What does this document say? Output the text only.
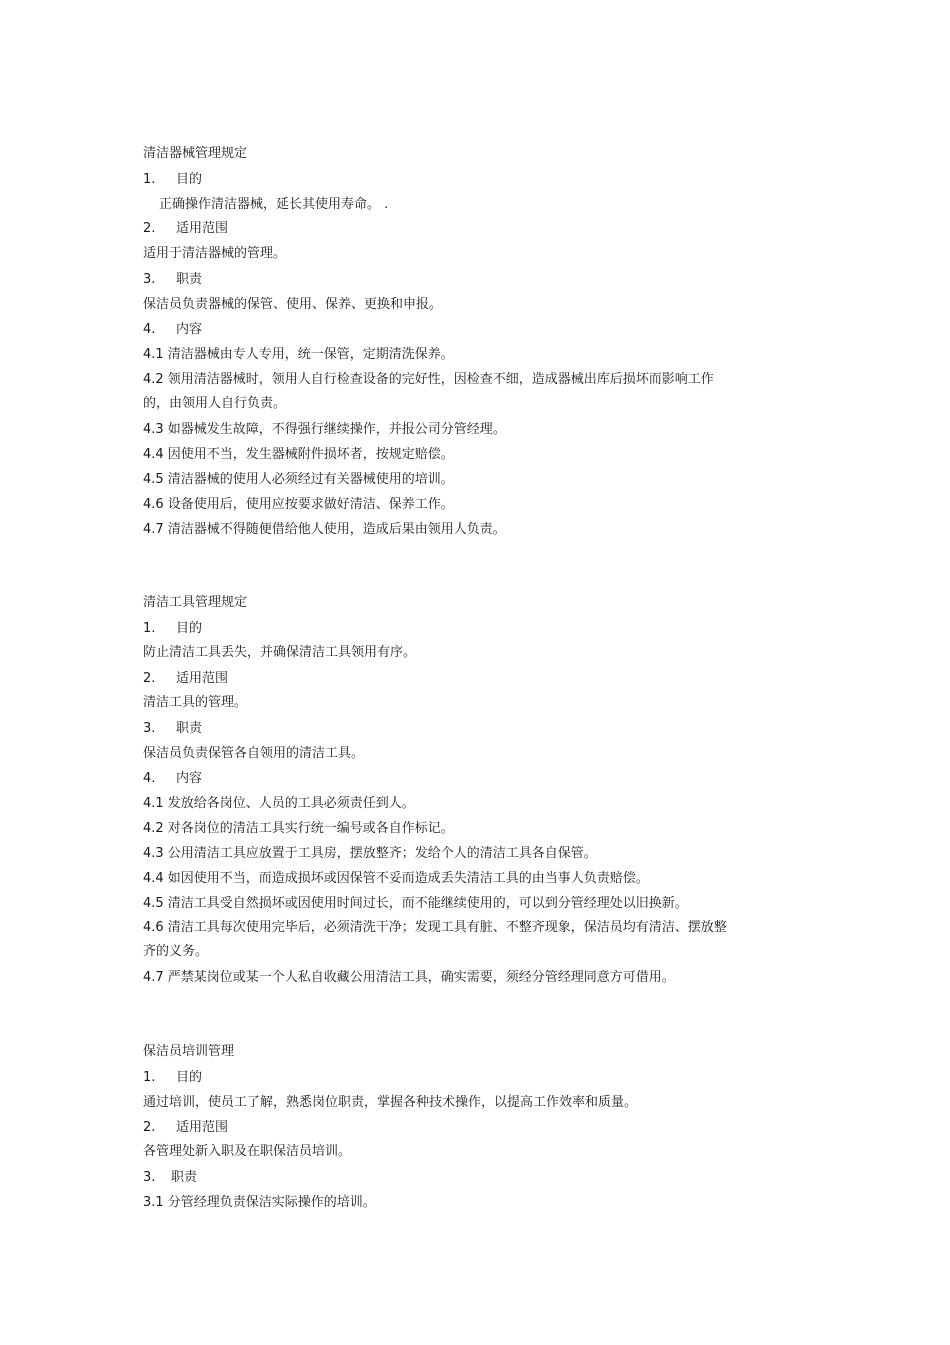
清洁器械管理规定
1. 目的
正确操作清洁器械，延长其使用寿命。 .
2. 适用范围
适用于清洁器械的管理。
3. 职责
保洁员负责器械的保管、使用、保养、更换和申报。
4. 内容
4.1 清洁器械由专人专用，统一保管，定期清洗保养。
4.2 领用清洁器械时，领用人自行检查设备的完好性，因检查不细，造成器械出库后损坏而影响工作的，由领用人自行负责。
4.3 如器械发生故障，不得强行继续操作，并报公司分管经理。
4.4 因使用不当，发生器械附件损坏者，按规定赔偿。
4.5 清洁器械的使用人必须经过有关器械使用的培训。
4.6 设备使用后，使用应按要求做好清洁、保养工作。
4.7 清洁器械不得随便借给他人使用，造成后果由领用人负责。
清洁工具管理规定
1. 目的
防止清洁工具丢失，并确保清洁工具领用有序。
2. 适用范围
清洁工具的管理。
3. 职责
保洁员负责保管各自领用的清洁工具。
4. 内容
4.1 发放给各岗位、人员的工具必须责任到人。
4.2 对各岗位的清洁工具实行统一编号或各自作标记。
4.3 公用清洁工具应放置于工具房，摆放整齐；发给个人的清洁工具各自保管。
4.4 如因使用不当，而造成损坏或因保管不妥而造成丢失清洁工具的由当事人负责赔偿。
4.5 清洁工具受自然损坏或因使用时间过长，而不能继续使用的，可以到分管经理处以旧换新。
4.6 清洁工具每次使用完毕后，必须清洗干净；发现工具有脏、不整齐现象，保洁员均有清洁、摆放整齐的义务。
4.7 严禁某岗位或某一个人私自收藏公用清洁工具，确实需要，须经分管经理同意方可借用。
保洁员培训管理
1. 目的
通过培训，使员工了解，熟悉岗位职责，掌握各种技术操作，以提高工作效率和质量。
2. 适用范围
各管理处新入职及在职保洁员培训。
3. 职责
3.1 分管经理负责保洁实际操作的培训。
